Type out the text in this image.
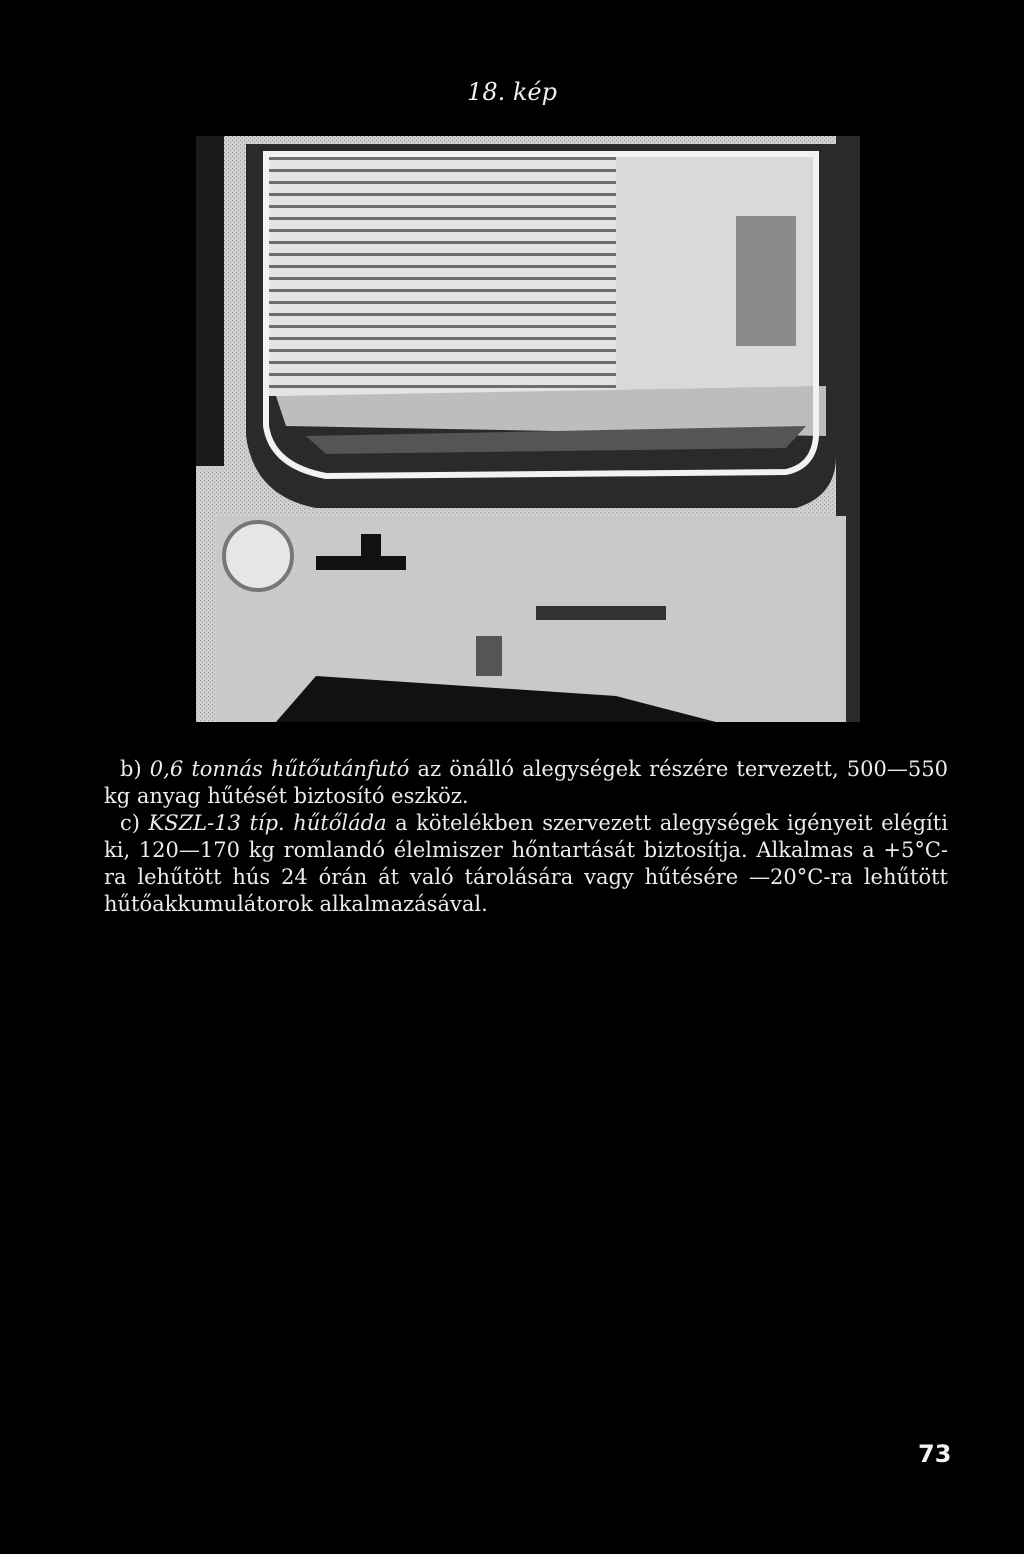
18. kép

b) 0,6 tonnás hűtőutánfutó az önálló alegységek részére tervezett, 500—550 kg anyag hűtését biztosító eszköz.

c) KSZL-13 típ. hűtőláda a kötelékben szervezett alegységek igényeit elégíti ki, 120—170 kg romlandó élelmiszer hőntartását biztosítja. Alkalmas a +5°C-ra lehűtött hús 24 órán át való tárolására vagy hűtésére —20°C-ra lehűtött hűtőakkumulátorok alkalmazásával.

73
